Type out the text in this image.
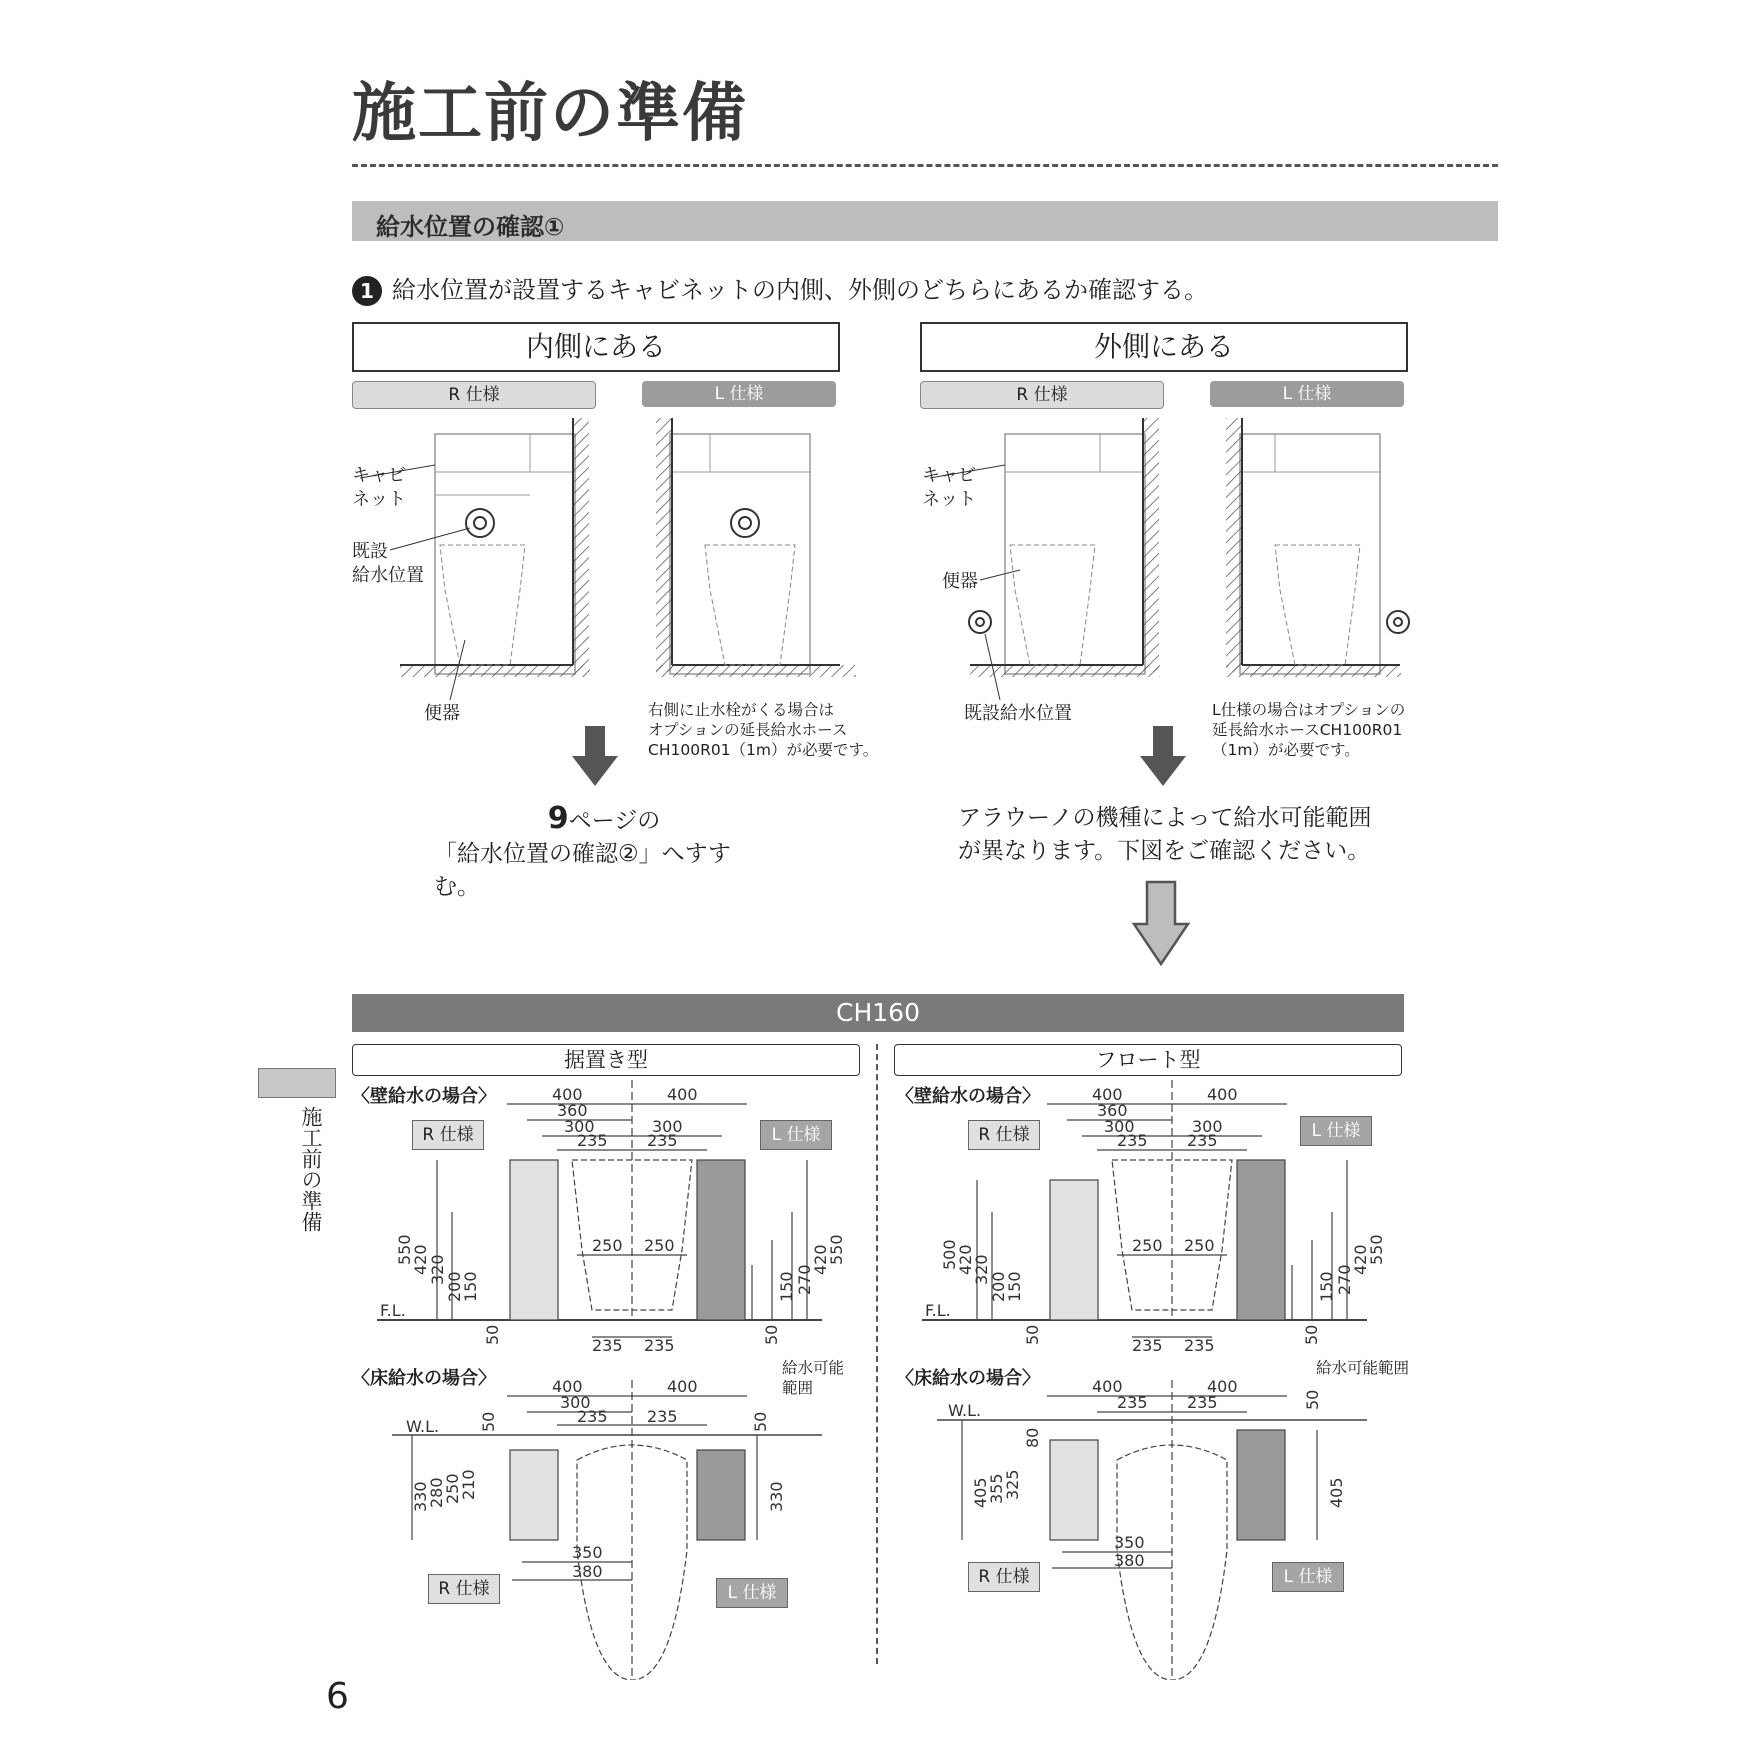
施工前の準備
給水位置の確認①
1 給水位置が設置するキャビネットの内側、外側のどちらにあるか確認する。
内側にある	外側にある
R 仕様	L 仕様	R 仕様	L 仕様
キャビ
ネット
既設
給水位置
便器	右側に止水栓がくる場合は
オプションの延長給水ホース
CH100R01（1m）が必要です。
キャビ
ネット
便器
既設給水位置	L仕様の場合はオプションの
延長給水ホースCH100R01
（1m）が必要です。
9ページの
「給水位置の確認②」へすすむ。
アラウーノの機種によって給水可能範囲
が異なります。下図をご確認ください。
CH160
据置き型	フロート型
〈壁給水の場合〉	〈壁給水の場合〉
〈床給水の場合〉	〈床給水の場合〉
400	400
360
300	300
235 235
250 250
235 235
550
420
320
200
150
50
550
420
270
150
50
F.L.
400	400
360
300	300
235 235
250 250
235 235
500
420
320
200
150
50
550
420
270
150
50
F.L.
400	400
300
235 235
W.L. 50
330
280
250
210
50
330
350
380
400	400
235 235
W.L.
50
80
405
355
325	405
350
380
R 仕様	L 仕様	R 仕様	L 仕様
R 仕様	L 仕様
R 仕様	L 仕様
給水可能
範囲
給水可能範囲
施工前の準備
6
